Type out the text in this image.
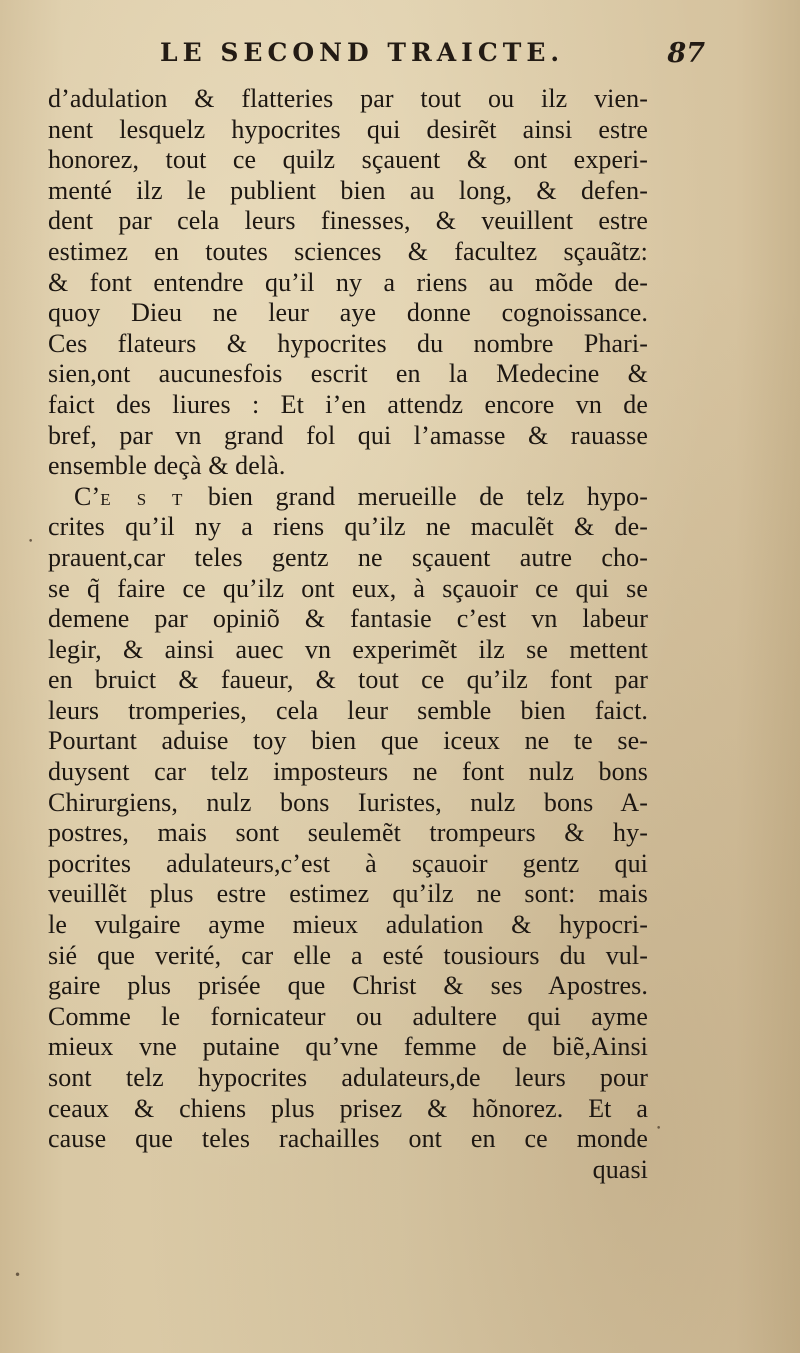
LE SECOND TRAICTE.	87
d’adulation & flatteries par tout ou ilz vien-
nent lesquelz hypocrites qui desirẽt ainsi estre
honorez, tout ce quilz sçauent & ont experi-
menté ilz le publient bien au long, & defen-
dent par cela leurs finesses, & veuillent estre
estimez en toutes sciences & facultez sçauãtz:
& font entendre qu’il ny a riens au mõde de-
quoy Dieu ne leur aye donne cognoissance.
Ces flateurs & hypocrites du nombre Phari-
sien,ont aucunesfois escrit en la Medecine &
faict des liures : Et i’en attendz encore vn de
bref, par vn grand fol qui l’amasse & rauasse
ensemble deçà & delà.
C’E S T bien grand merueille de telz hypo-
crites qu’il ny a riens qu’ilz ne maculẽt & de-
prauent,car teles gentz ne sçauent autre cho-
se q̃ faire ce qu’ilz ont eux, à sçauoir ce qui se
demene par opiniõ & fantasie c’est vn labeur
legir, & ainsi auec vn experimẽt ilz se mettent
en bruict & faueur, & tout ce qu’ilz font par
leurs tromperies, cela leur semble bien faict.
Pourtant aduise toy bien que iceux ne te se-
duysent car telz imposteurs ne font nulz bons
Chirurgiens, nulz bons Iuristes, nulz bons A-
postres, mais sont seulemẽt trompeurs & hy-
pocrites adulateurs,c’est à sçauoir gentz qui
veuillẽt plus estre estimez qu’ilz ne sont: mais
le vulgaire ayme mieux adulation & hypocri-
sié que verité, car elle a esté tousiours du vul-
gaire plus prisée que Christ & ses Apostres.
Comme le fornicateur ou adultere qui ayme
mieux vne putaine qu’vne femme de biẽ,Ainsi
sont telz hypocrites adulateurs,de leurs pour
ceaux & chiens plus prisez & hõnorez. Et a
cause que teles rachailles ont en ce monde
quasi
•
•
•
